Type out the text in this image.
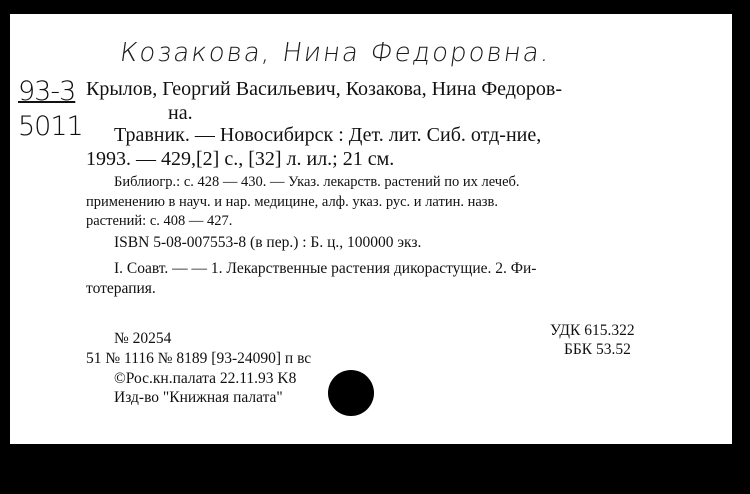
Козакова, Нина Федоровна.
93-3
5011
Крылов, Георгий Васильевич, Козакова, Нина Федоров-
на.
Травник. — Новосибирск : Дет. лит. Сиб. отд-ние,
1993. — 429,[2] с., [32] л. ил.; 21 см.
Библиогр.: с. 428 — 430. — Указ. лекарств. растений по их лечеб.
применению в науч. и нар. медицине, алф. указ. рус. и латин. назв.
растений: с. 408 — 427.
ISBN 5-08-007553-8 (в пер.) : Б. ц., 100000 экз.
I. Соавт. — — 1. Лекарственные растения дикорастущие. 2. Фи-
тотерапия.
№ 20254
51 № 1116 № 8189 [93-24090] п вс
©Рос.кн.палата 22.11.93 K8
Изд-во "Книжная палата"
УДК 615.322
ББК 53.52
